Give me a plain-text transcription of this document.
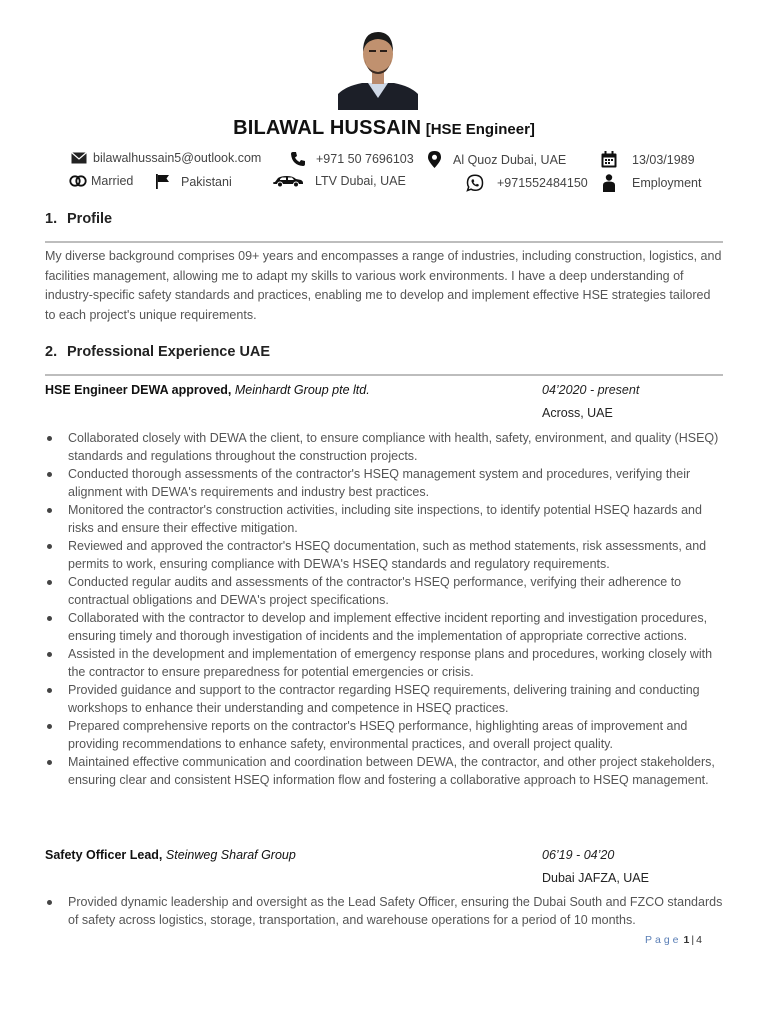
BILAWAL HUSSAIN [HSE Engineer]
bilawalhussain5@outlook.com	+971 50 7696103	Al Quoz Dubai, UAE	13/03/1989
Married	Pakistani	LTV Dubai, UAE	+971552484150	Employment
1. Profile
My diverse background comprises 09+ years and encompasses a range of industries, including construction, logistics, and facilities management, allowing me to adapt my skills to various work environments. I have a deep understanding of industry-specific safety standards and practices, enabling me to develop and implement effective HSE strategies tailored to each project's unique requirements.
2. Professional Experience UAE
HSE Engineer DEWA approved, Meinhardt Group pte ltd.	04’2020 - present
Across, UAE
Collaborated closely with DEWA the client, to ensure compliance with health, safety, environment, and quality (HSEQ) standards and regulations throughout the construction projects.
Conducted thorough assessments of the contractor's HSEQ management system and procedures, verifying their alignment with DEWA's requirements and industry best practices.
Monitored the contractor's construction activities, including site inspections, to identify potential HSEQ hazards and risks and ensure their effective mitigation.
Reviewed and approved the contractor's HSEQ documentation, such as method statements, risk assessments, and permits to work, ensuring compliance with DEWA's HSEQ standards and regulatory requirements.
Conducted regular audits and assessments of the contractor's HSEQ performance, verifying their adherence to contractual obligations and DEWA's project specifications.
Collaborated with the contractor to develop and implement effective incident reporting and investigation procedures, ensuring timely and thorough investigation of incidents and the implementation of appropriate corrective actions.
Assisted in the development and implementation of emergency response plans and procedures, working closely with the contractor to ensure preparedness for potential emergencies or crisis.
Provided guidance and support to the contractor regarding HSEQ requirements, delivering training and conducting workshops to enhance their understanding and competence in HSEQ practices.
Prepared comprehensive reports on the contractor's HSEQ performance, highlighting areas of improvement and providing recommendations to enhance safety, environmental practices, and overall project quality.
Maintained effective communication and coordination between DEWA, the contractor, and other project stakeholders, ensuring clear and consistent HSEQ information flow and fostering a collaborative approach to HSEQ management.
Safety Officer Lead, Steinweg Sharaf Group	06’19 - 04’20
Dubai JAFZA, UAE
Provided dynamic leadership and oversight as the Lead Safety Officer, ensuring the Dubai South and FZCO standards of safety across logistics, storage, transportation, and warehouse operations for a period of 10 months.
Page 1 | 4
